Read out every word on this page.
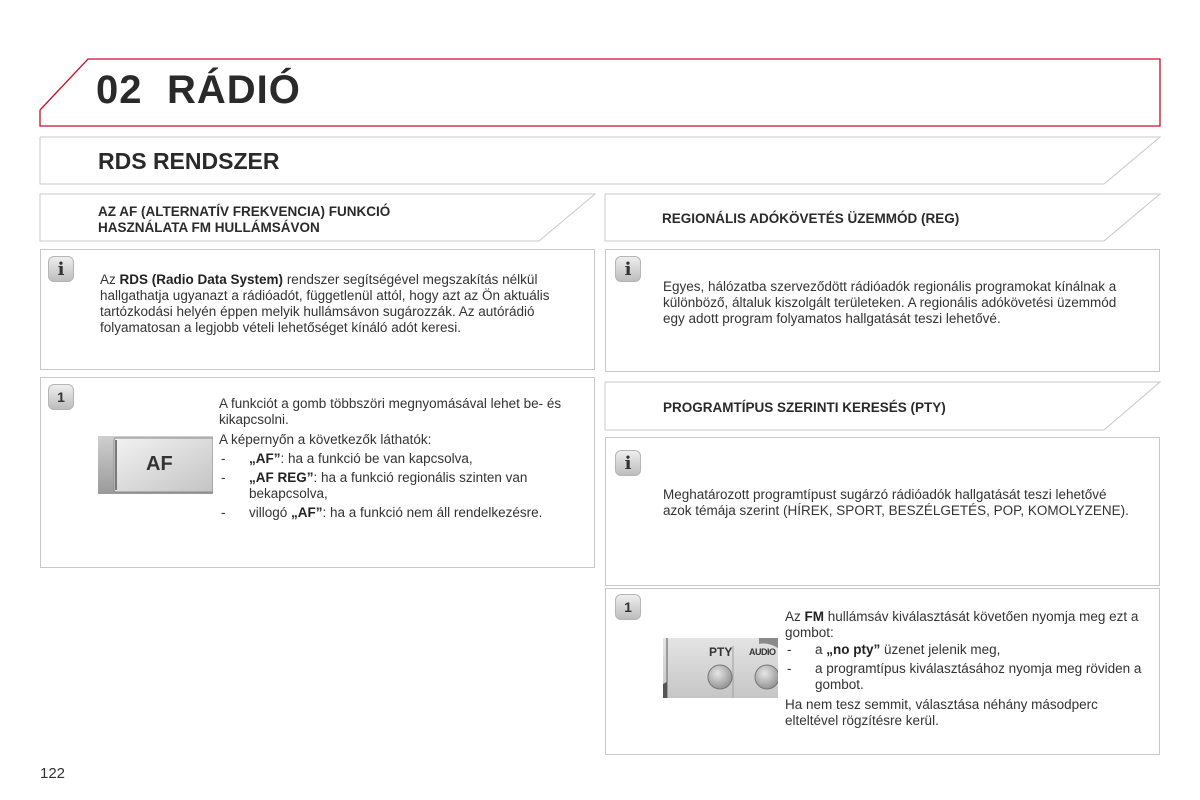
02 RÁDIÓ
RDS RENDSZER
AZ AF (ALTERNATÍV FREKVENCIA) FUNKCIÓ
HASZNÁLATA FM HULLÁMSÁVON
i	Az RDS (Radio Data System) rendszer segítségével megszakítás nélkül hallgathatja ugyanazt a rádióadót, függetlenül attól, hogy azt az Ön aktuális tartózkodási helyén éppen melyik hullámsávon sugározzák. Az autórádió folyamatosan a legjobb vételi lehetőséget kínáló adót keresi.
1
AF
A funkciót a gomb többszöri megnyomásával lehet be- és kikapcsolni.
A képernyőn a következők láthatók:
- „AF”: ha a funkció be van kapcsolva,
- „AF REG”: ha a funkció regionális szinten van bekapcsolva,
- villogó „AF”: ha a funkció nem áll rendelkezésre.
REGIONÁLIS ADÓKÖVETÉS ÜZEMMÓD (REG)
i
Egyes, hálózatba szerveződött rádióadók regionális programokat kínálnak a különböző, általuk kiszolgált területeken. A regionális adókövetési üzemmód egy adott program folyamatos hallgatását teszi lehetővé.
PROGRAMTÍPUS SZERINTI KERESÉS (PTY)
i
Meghatározott programtípust sugárzó rádióadók hallgatását teszi lehetővé azok témája szerint (HÍREK, SPORT, BESZÉLGETÉS, POP, KOMOLYZENE).
1
PTY AUDIO
Az FM hullámsáv kiválasztását követően nyomja meg ezt a gombot:
- a „no pty” üzenet jelenik meg,
- a programtípus kiválasztásához nyomja meg röviden a gombot.
Ha nem tesz semmit, választása néhány másodperc elteltével rögzítésre kerül.
122
